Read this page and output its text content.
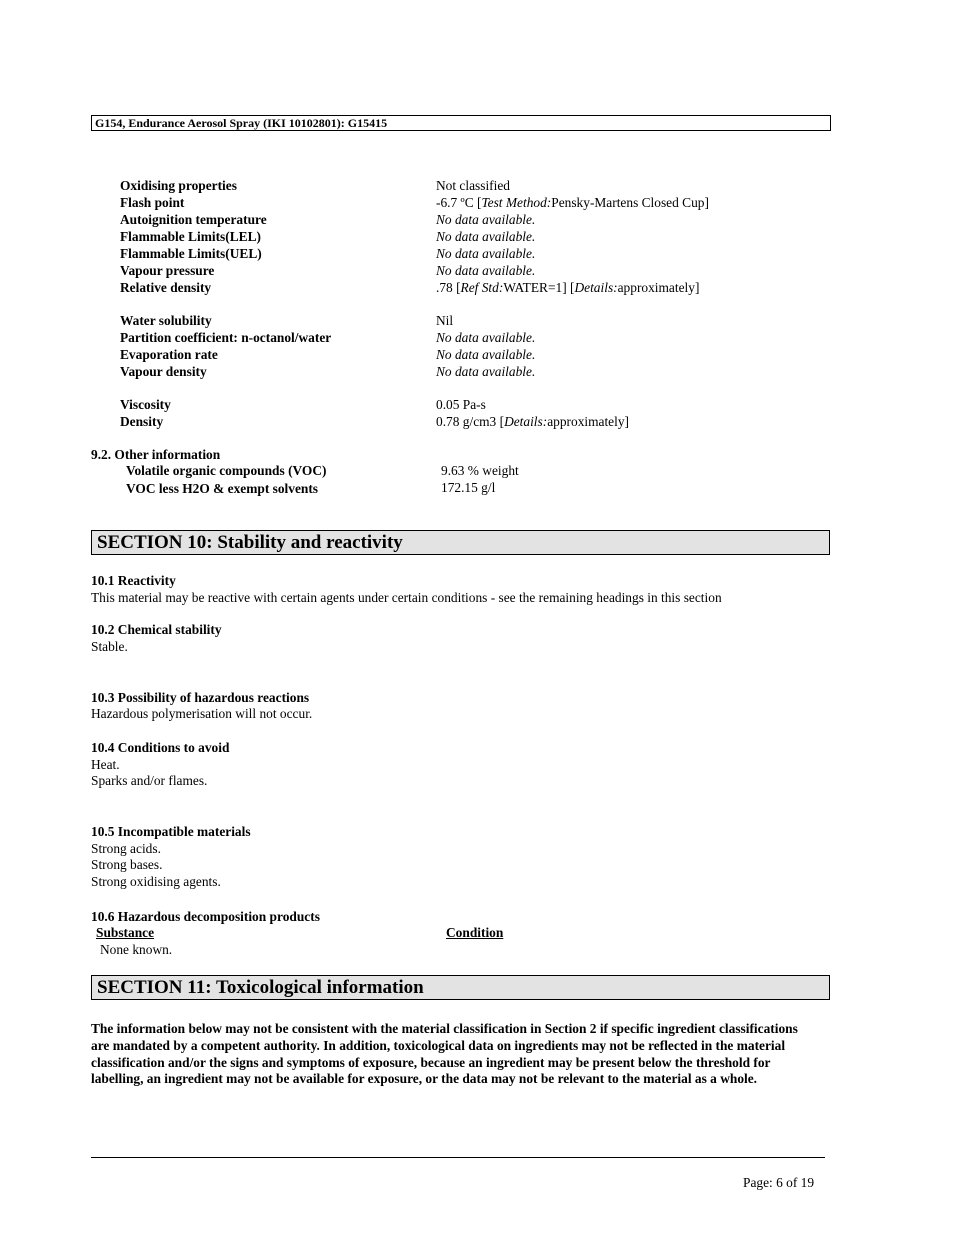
G154, Endurance Aerosol Spray (IKI 10102801): G15415
Oxidising properties	Not classified
Flash point	-6.7 ºC [Test Method:Pensky-Martens Closed Cup]
Autoignition temperature	No data available.
Flammable Limits(LEL)	No data available.
Flammable Limits(UEL)	No data available.
Vapour pressure	No data available.
Relative density	.78 [Ref Std:WATER=1] [Details:approximately]
Water solubility	Nil
Partition coefficient: n-octanol/water	No data available.
Evaporation rate	No data available.
Vapour density	No data available.
Viscosity	0.05 Pa-s
Density	0.78 g/cm3 [Details:approximately]
9.2. Other information
Volatile organic compounds (VOC)	9.63 % weight
VOC less H2O & exempt solvents	172.15 g/l
SECTION 10: Stability and reactivity
10.1 Reactivity
This material may be reactive with certain agents under certain conditions - see the remaining headings in this section
10.2 Chemical stability
Stable.
10.3 Possibility of hazardous reactions
Hazardous polymerisation will not occur.
10.4 Conditions to avoid
Heat.
Sparks and/or flames.
10.5 Incompatible materials
Strong acids.
Strong bases.
Strong oxidising agents.
10.6 Hazardous decomposition products
Substance	Condition
None known.
SECTION 11: Toxicological information
The information below may not be consistent with the material classification in Section 2 if specific ingredient classifications are mandated by a competent authority. In addition, toxicological data on ingredients may not be reflected in the material classification and/or the signs and symptoms of exposure, because an ingredient may be present below the threshold for labelling, an ingredient may not be available for exposure, or the data may not be relevant to the material as a whole.
Page: 6 of 19
